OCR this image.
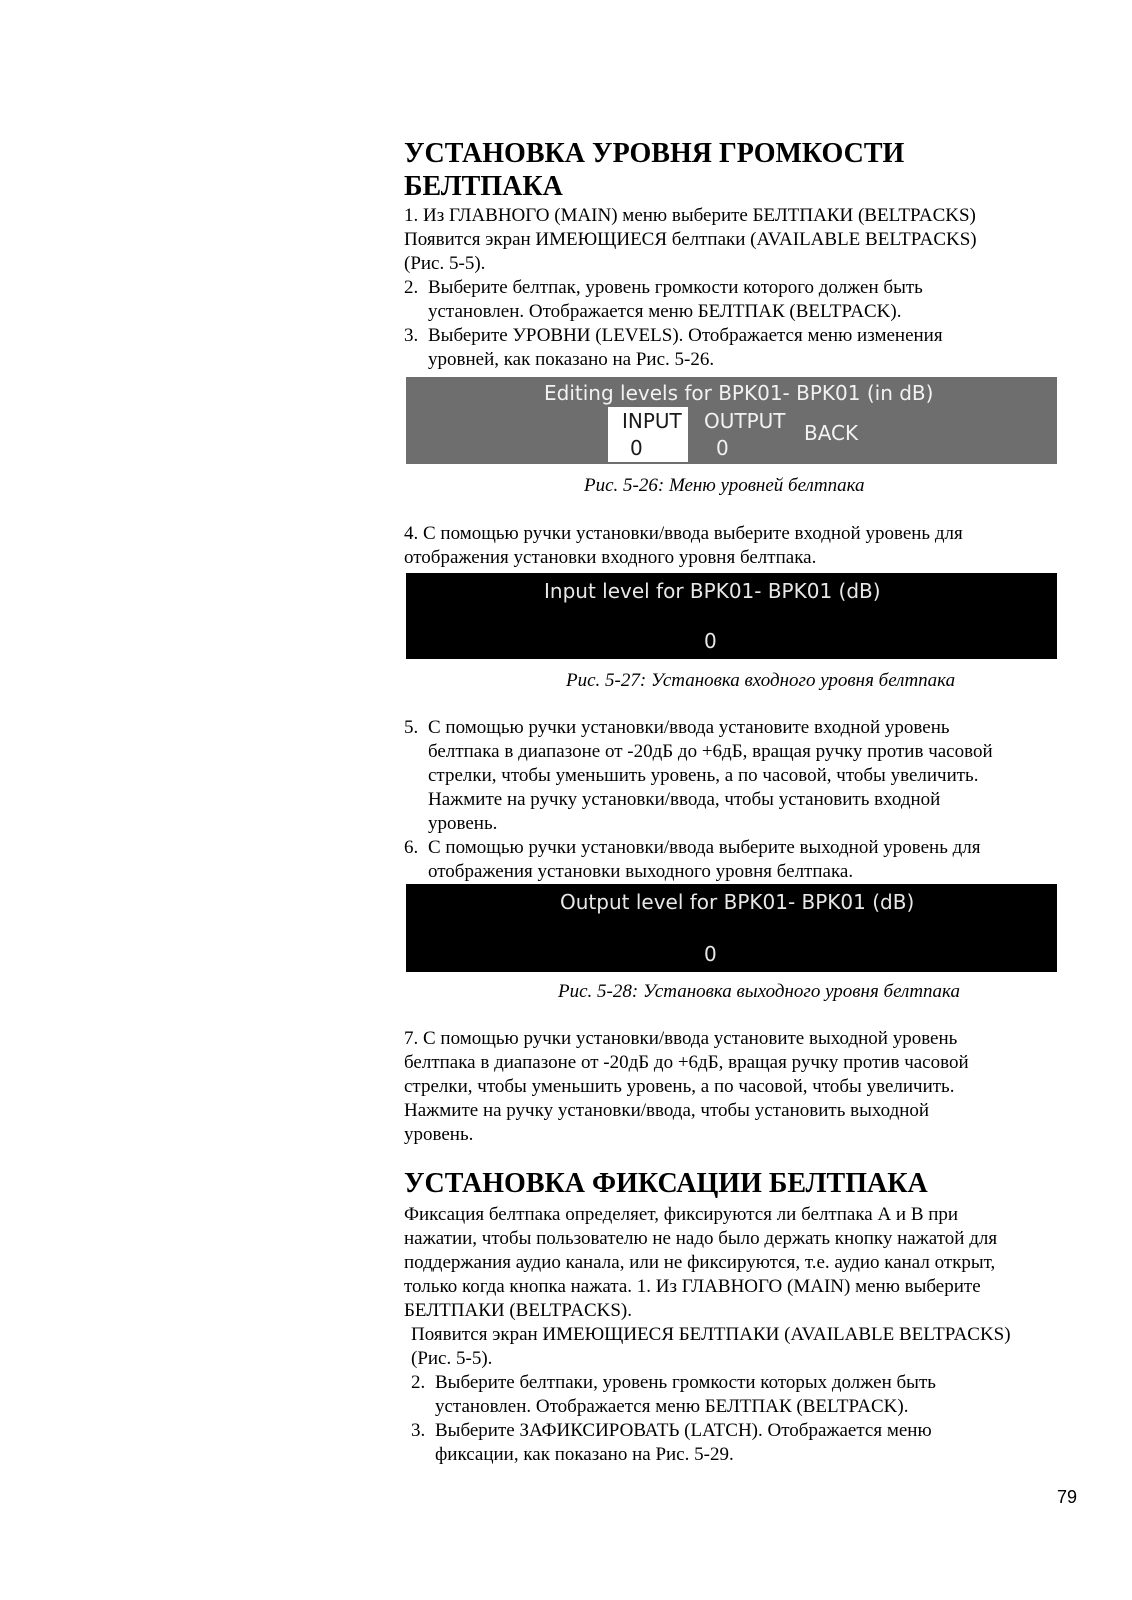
УСТАНОВКА УРОВНЯ ГРОМКОСТИ
БЕЛТПАКА
1. Из ГЛАВНОГО (MAIN) меню выберите БЕЛТПАКИ (BELTPACKS)
Появится экран ИМЕЮЩИЕСЯ белтпаки (AVAILABLE BELTPACKS)
(Рис. 5-5).
2. Выберите белтпак, уровень громкости которого должен быть
установлен. Отображается меню БЕЛТПАК (BELTPACK).
3. Выберите УРОВНИ (LEVELS). Отображается меню изменения
уровней, как показано на Рис. 5-26.
Editing levels for BPK01- BPK01 (in dB)
INPUT
0
OUTPUT
0
BACK
Рис. 5-26: Меню уровней белтпака
4. С помощью ручки установки/ввода выберите входной уровень для
отображения установки входного уровня белтпака.
Input level for BPK01- BPK01 (dB)
0
Рис. 5-27: Установка входного уровня белтпака
5. С помощью ручки установки/ввода установите входной уровень
белтпака в диапазоне от -20дБ до +6дБ, вращая ручку против часовой
стрелки, чтобы уменьшить уровень, а по часовой, чтобы увеличить.
Нажмите на ручку установки/ввода, чтобы установить входной
уровень.
6. С помощью ручки установки/ввода выберите выходной уровень для
отображения установки выходного уровня белтпака.
Output level for BPK01- BPK01 (dB)
0
Рис. 5-28: Установка выходного уровня белтпака
7. С помощью ручки установки/ввода установите выходной уровень
белтпака в диапазоне от -20дБ до +6дБ, вращая ручку против часовой
стрелки, чтобы уменьшить уровень, а по часовой, чтобы увеличить.
Нажмите на ручку установки/ввода, чтобы установить выходной
уровень.
УСТАНОВКА ФИКСАЦИИ БЕЛТПАКА
Фиксация белтпака определяет, фиксируются ли белтпака А и В при
нажатии, чтобы пользователю не надо было держать кнопку нажатой для
поддержания аудио канала, или не фиксируются, т.е. аудио канал открыт,
только когда кнопка нажата. 1. Из ГЛАВНОГО (MAIN) меню выберите
БЕЛТПАКИ (BELTPACKS).
Появится экран ИМЕЮЩИЕСЯ БЕЛТПАКИ (AVAILABLE BELTPACKS)
(Рис. 5-5).
2. Выберите белтпаки, уровень громкости которых должен быть
установлен. Отображается меню БЕЛТПАК (BELTPACK).
3. Выберите ЗАФИКСИРОВАТЬ (LATCH). Отображается меню
фиксации, как показано на Рис. 5-29.
79
